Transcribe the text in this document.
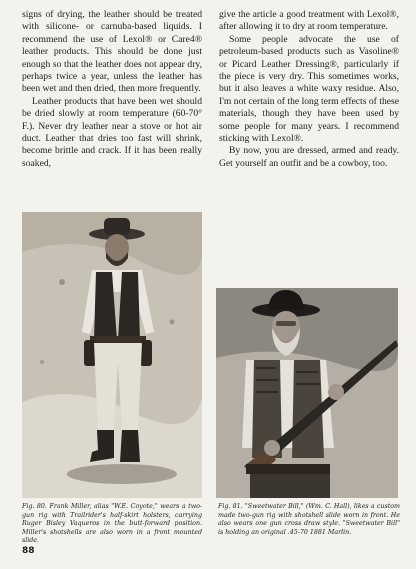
signs of drying, the leather should be treated with silicone- or carnuba-based liquids. I recommend the use of Lexol® or Care4® leather products. This should be done just enough so that the leather does not appear dry, perhaps twice a year, unless the leather has been wet and then dried, then more frequently.

Leather products that have been wet should be dried slowly at room temperature (60-70° F.). Never dry leather near a stove or hot air duct. Leather that dries too fast will shrink, become brittle and crack. If it has been really soaked,

give the article a good treatment with Lexol®, after allowing it to dry at room temperature.

Some people advocate the use of petroleum-based products such as Vasoline® or Picard Leather Dressing®, particularly if the piece is very dry. This sometimes works, but it also leaves a white waxy residue. Also, I'm not certain of the long term effects of these materials, though they have been used by some people for many years. I recommend sticking with Lexol®.

By now, you are dressed, armed and ready. Get yourself an outfit and be a cowboy, too.

Fig. 80. Frank Miller, alias "W.E. Coyote," wears a two-gun rig with Trailrider's half-skirt holsters, carrying Ruger Bisley Vaqueros in the butt-forward position. Miller's shotshells are also worn in a front mounted slide.
Fig. 81. "Sweetwater Bill," (Wm. C. Hall), likes a custom made two-gun rig with shotshell slide worn in front. He also wears one gun cross draw style. "Sweetwater Bill" is holding an original .45-70 1881 Marlin.
88
